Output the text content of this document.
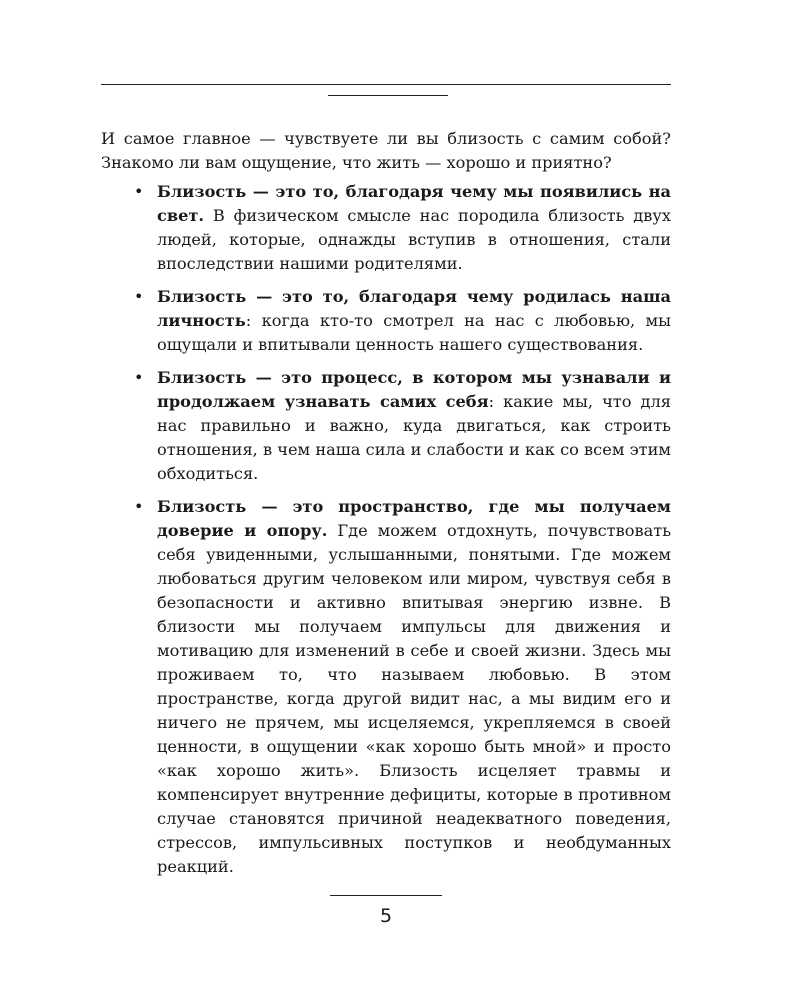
И самое главное — чувствуете ли вы близость с самим собой? Знакомо ли вам ощущение, что жить — хорошо и приятно?

• Близость — это то, благодаря чему мы появились на свет. В физическом смысле нас породила близость двух людей, которые, однажды вступив в отношения, стали впоследствии нашими родителями.
• Близость — это то, благодаря чему родилась наша личность: когда кто-то смотрел на нас с любовью, мы ощущали и впитывали ценность нашего существования.
• Близость — это процесс, в котором мы узнавали и продолжаем узнавать самих себя: какие мы, что для нас правильно и важно, куда двигаться, как строить отношения, в чем наша сила и слабости и как со всем этим обходиться.
• Близость — это пространство, где мы получаем доверие и опору. Где можем отдохнуть, почувствовать себя увиденными, услышанными, понятыми. Где можем любоваться другим человеком или миром, чувствуя себя в безопасности и активно впитывая энергию извне. В близости мы получаем импульсы для движения и мотивацию для изменений в себе и своей жизни. Здесь мы проживаем то, что называем любовью. В этом пространстве, когда другой видит нас, а мы видим его и ничего не прячем, мы исцеляемся, укрепляемся в своей ценности, в ощущении «как хорошо быть мной» и просто «как хорошо жить». Близость исцеляет травмы и компенсирует внутренние дефициты, которые в противном случае становятся причиной неадекватного поведения, стрессов, импульсивных поступков и необдуманных реакций.
5
